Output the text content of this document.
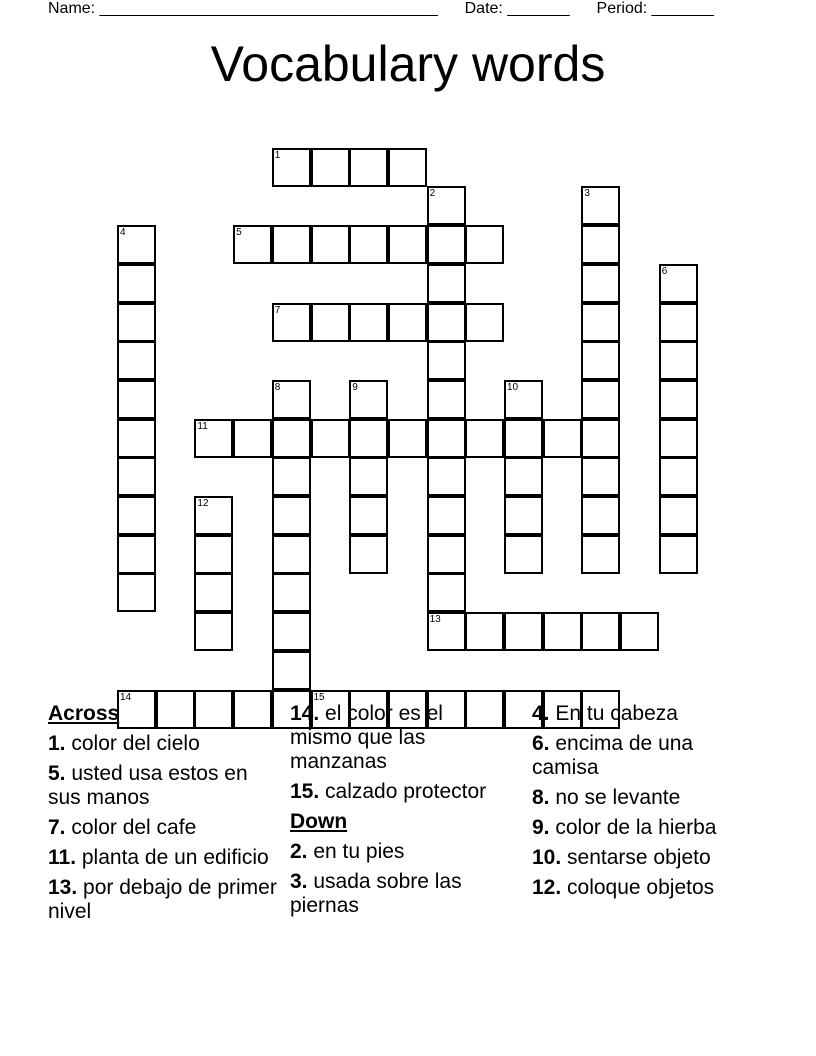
Name: ______________________________________ Date: _______ Period: _______
Vocabulary words
1
2	3
4	5
6
7
8	9	10
11
12
13
14	15
Across
1. color del cielo
5. usted usa estos en sus manos
7. color del cafe
11. planta de un edificio
13. por debajo de primer nivel
14. el color es el mismo que las manzanas
15. calzado protector
Down
2. en tu pies
3. usada sobre las piernas
4. En tu cabeza
6. encima de una camisa
8. no se levante
9. color de la hierba
10. sentarse objeto
12. coloque objetos
